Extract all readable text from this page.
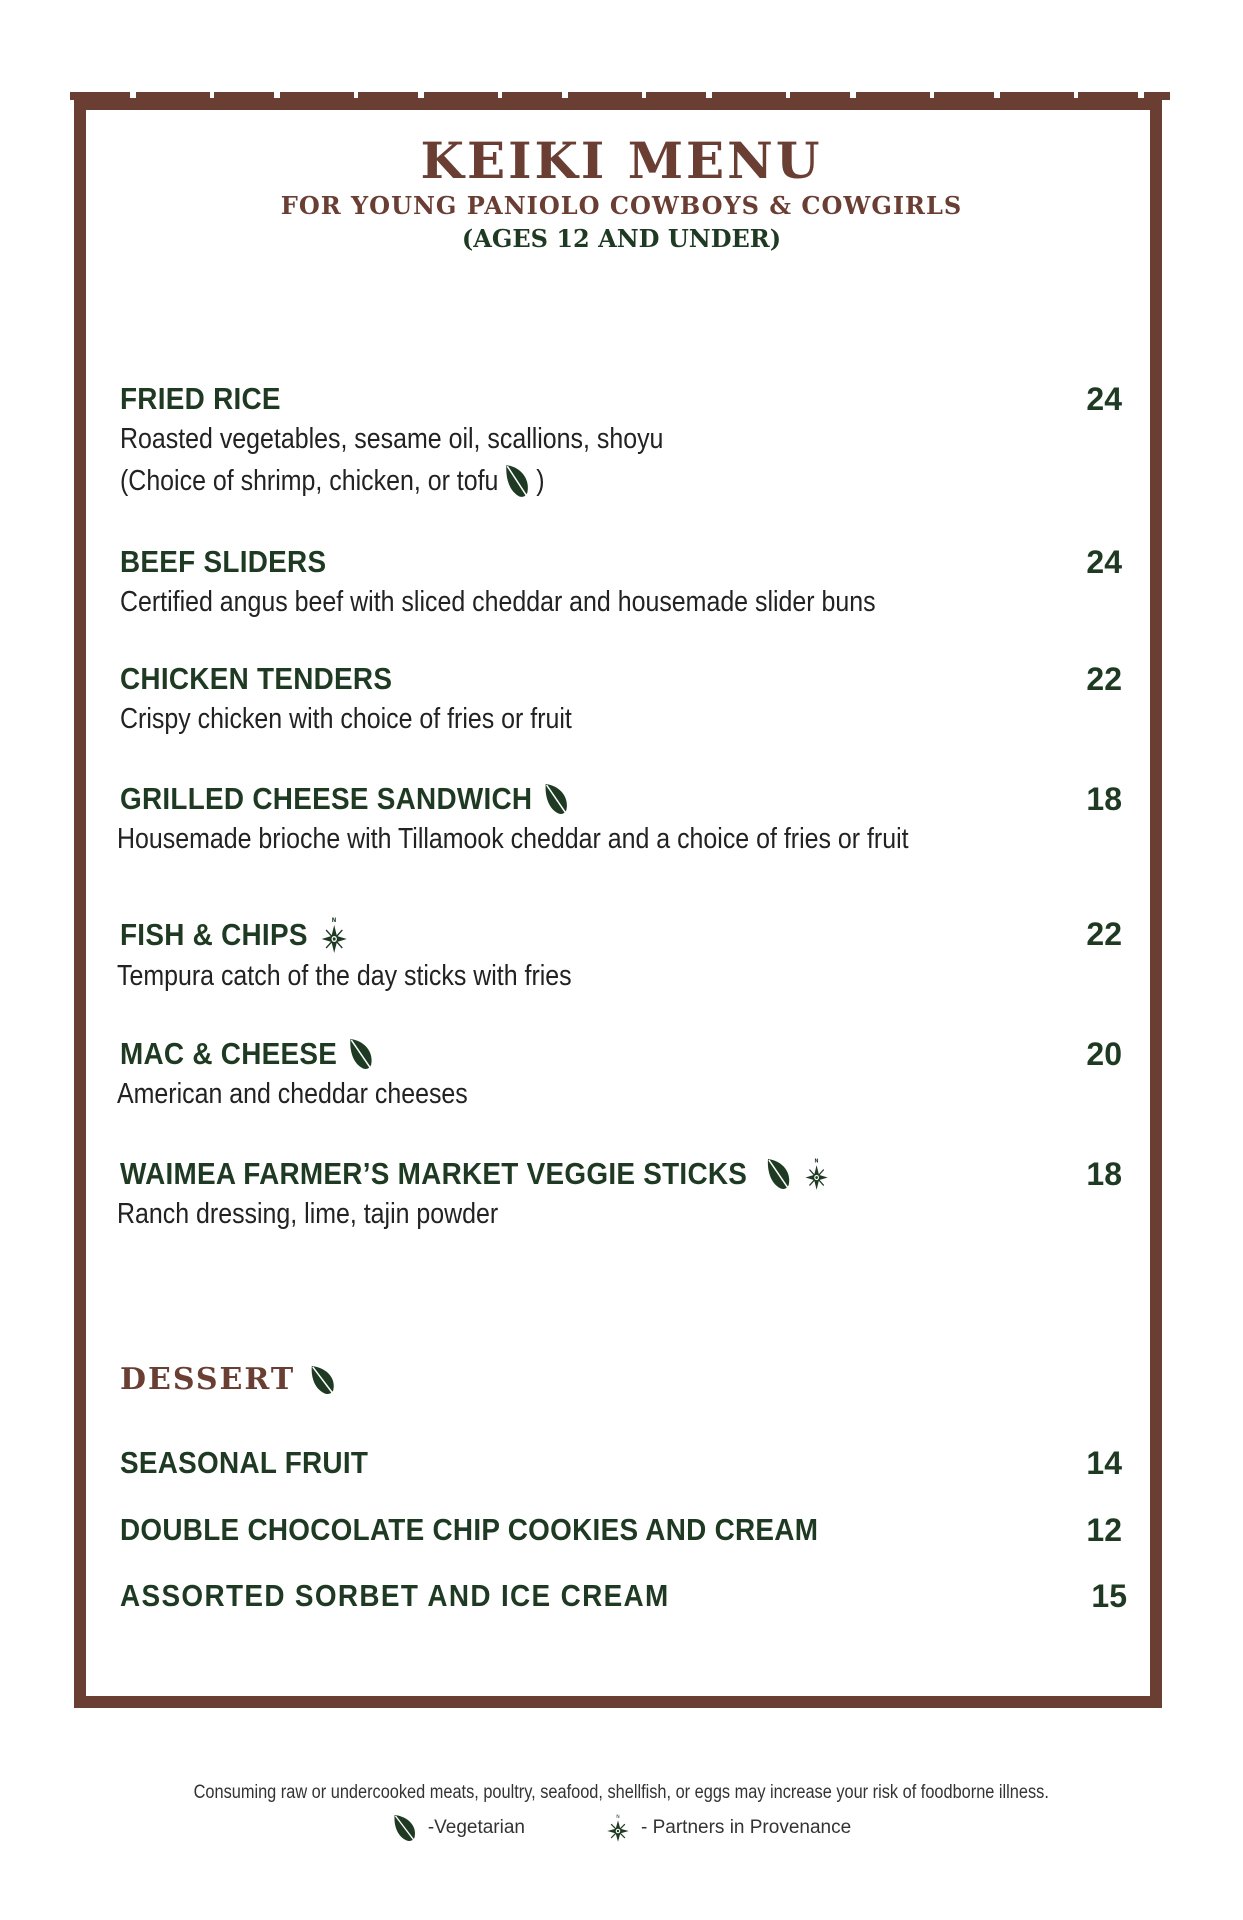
KEIKI MENU
FOR YOUNG PANIOLO COWBOYS & COWGIRLS
(AGES 12 AND UNDER)
FRIED RICE	24
Roasted vegetables, sesame oil, scallions, shoyu
(Choice of shrimp, chicken, or tofu )
BEEF SLIDERS	24
Certified angus beef with sliced cheddar and housemade slider buns
CHICKEN TENDERS	22
Crispy chicken with choice of fries or fruit
GRILLED CHEESE SANDWICH	18
Housemade brioche with Tillamook cheddar and a choice of fries or fruit
FISH & CHIPS	22
Tempura catch of the day sticks with fries
MAC & CHEESE	20
American and cheddar cheeses
WAIMEA FARMER’S MARKET VEGGIE STICKS	18
Ranch dressing, lime, tajin powder
DESSERT
SEASONAL FRUIT	14
DOUBLE CHOCOLATE CHIP COOKIES AND CREAM	12
ASSORTED SORBET AND ICE CREAM	15
Consuming raw or undercooked meats, poultry, seafood, shellfish, or eggs may increase your risk of foodborne illness.
-Vegetarian	- Partners in Provenance
